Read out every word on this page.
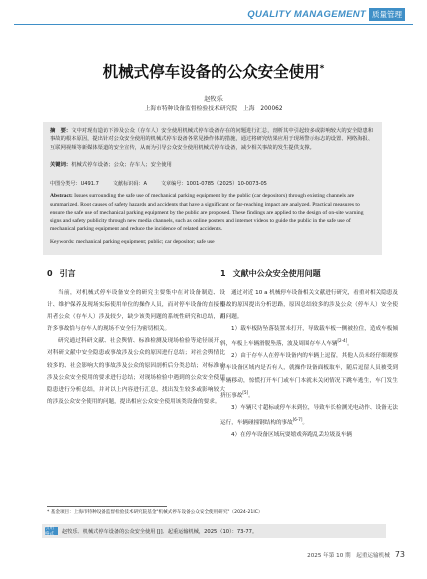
QUALITY MANAGEMENT 质量管理
机械式停车设备的公众安全使用*
赵牧乐
上海市特种设备监督检验技术研究院　上海　200062
摘　要：文中对现有造访下涉及公众（存车人）安全使用机械式停车设备存在的问题进行汇总，剖析其中引起较多或影响较大的安全隐患和事故的根本原因，提出针对公众安全使用的机械式停车设备各常见操作体的措施，通过将研究结果应用于现场警示标志的设置、网络海报、互联网视频等新媒体渠道的安全宣传，从而为引导公众安全使用机械式停车设备，减少相关事故的发生提供支撑。
关键词：机械式停车设备；公众；存车人；安全使用
中图分类号：U491.7	文献标识码：A	文章编号：1001-0785（2025）10-0073-05
Abstract: Issues surrounding the safe use of mechanical parking equipment by the public (car depositors) through existing channels are summarized. Root causes of safety hazards and accidents that have a significant or far-reaching impact are analyzed. Practical measures to ensure the safe use of mechanical parking equipment by the public are proposed. These findings are applied to the design of on-site warning signs and safety publicity through new media channels, such as online posters and internet videos to guide the public in the safe use of mechanical parking equipment and reduce the incidence of related accidents.
Keywords: mechanical parking equipment; public; car depositor; safe use
0 引言

当前，对机械式停车设备安全的研究主要集中在对设备制造、设计、维护保养及现场实际使用单位的操作人员，而对停车设备的直接使用者公众（存车人）涉及较少，缺少该类问题的系统性研究和总结，而许多事故恰与存车人的现场不安全行为密切相关。

研究通过科研文献、社会舆情、标准检测及现场检验等途径展开，对科研文献中安全隐患或事故涉及公众的原因进行总结；对社会舆情比较多的、社会影响大的事故涉及公众的原因剖析后分类总结；对标准中涉及公众安全使用的要求进行总结；对现场检验中遇到的公众安全使用隐患进行分析总结，并对以上内容进行汇总，找出发生较多或影响较大的涉及公众安全使用的问题，提出相应公众安全使用该类设备的要求。

1 文献中公众安全使用问题

通过对近 10 a 机械停车设备相关文献进行研究，看重对相关隐患及事故的原因提出分析思路，原因总结较多的涉及公众（停车人）安全使用问题。

1）载车板防坠落装置未打开，导致载车板一侧被拉住，造成车板倾斜，车板上车辆滑脱坠落，波及周围存车人车辆[2-4]。

2）由于存车人在停车设备内的车辆上逗留，其他人员未经仔细观察停车设备区域内是否有人，就操作设备面板取车，随后逗留人员被受到车辆移动，惊慌打开车门或车门本就未关闭情况下跳车逃生，车门发生挤压事故[5]。

3）车辆尺寸超标或停车未到位，导致车长检测光电动作、设备无法运行，车辆碰撞钢结构的事故[6-7]。

4）在停车设备区域玩耍嬉戏奔跑乱丢垃圾及车辆

* 基金项目：上海市特种设备监督检验技术研究院基金"机械式停车设备公众安全使用研究"（2024-21IC）
引用格式	赵牧乐．机械式停车设备的公众安全使用 [J]．起重运输机械，2025（10）：73-77。
2025 年第 10 期　 起重运输机械 73
